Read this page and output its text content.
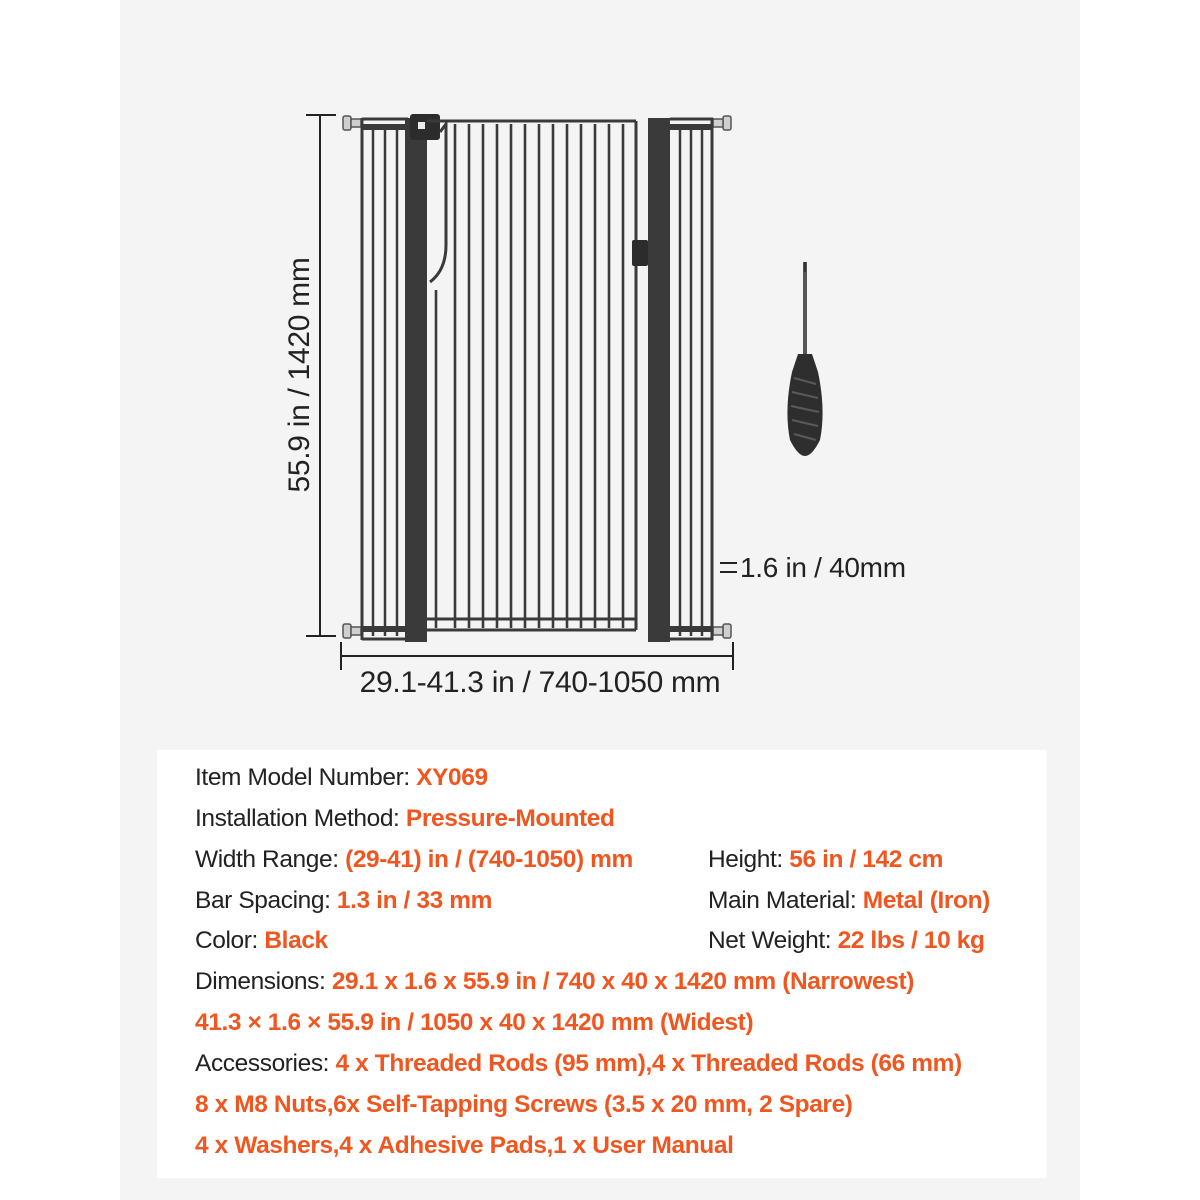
55.9 in / 1420 mm
29.1-41.3 in / 740-1050 mm
1.6 in / 40mm
Item Model Number: XY069
Installation Method: Pressure-Mounted
Width Range: (29-41) in / (740-1050) mm	Height: 56 in / 142 cm
Bar Spacing: 1.3 in / 33 mm	Main Material: Metal (Iron)
Color: Black	Net Weight: 22 lbs / 10 kg
Dimensions: 29.1 x 1.6 x 55.9 in / 740 x 40 x 1420 mm (Narrowest)
41.3 × 1.6 × 55.9 in / 1050 x 40 x 1420 mm (Widest)
Accessories: 4 x Threaded Rods (95 mm),4 x Threaded Rods (66 mm)
8 x M8 Nuts,6x Self-Tapping Screws (3.5 x 20 mm, 2 Spare)
4 x Washers,4 x Adhesive Pads,1 x User Manual
